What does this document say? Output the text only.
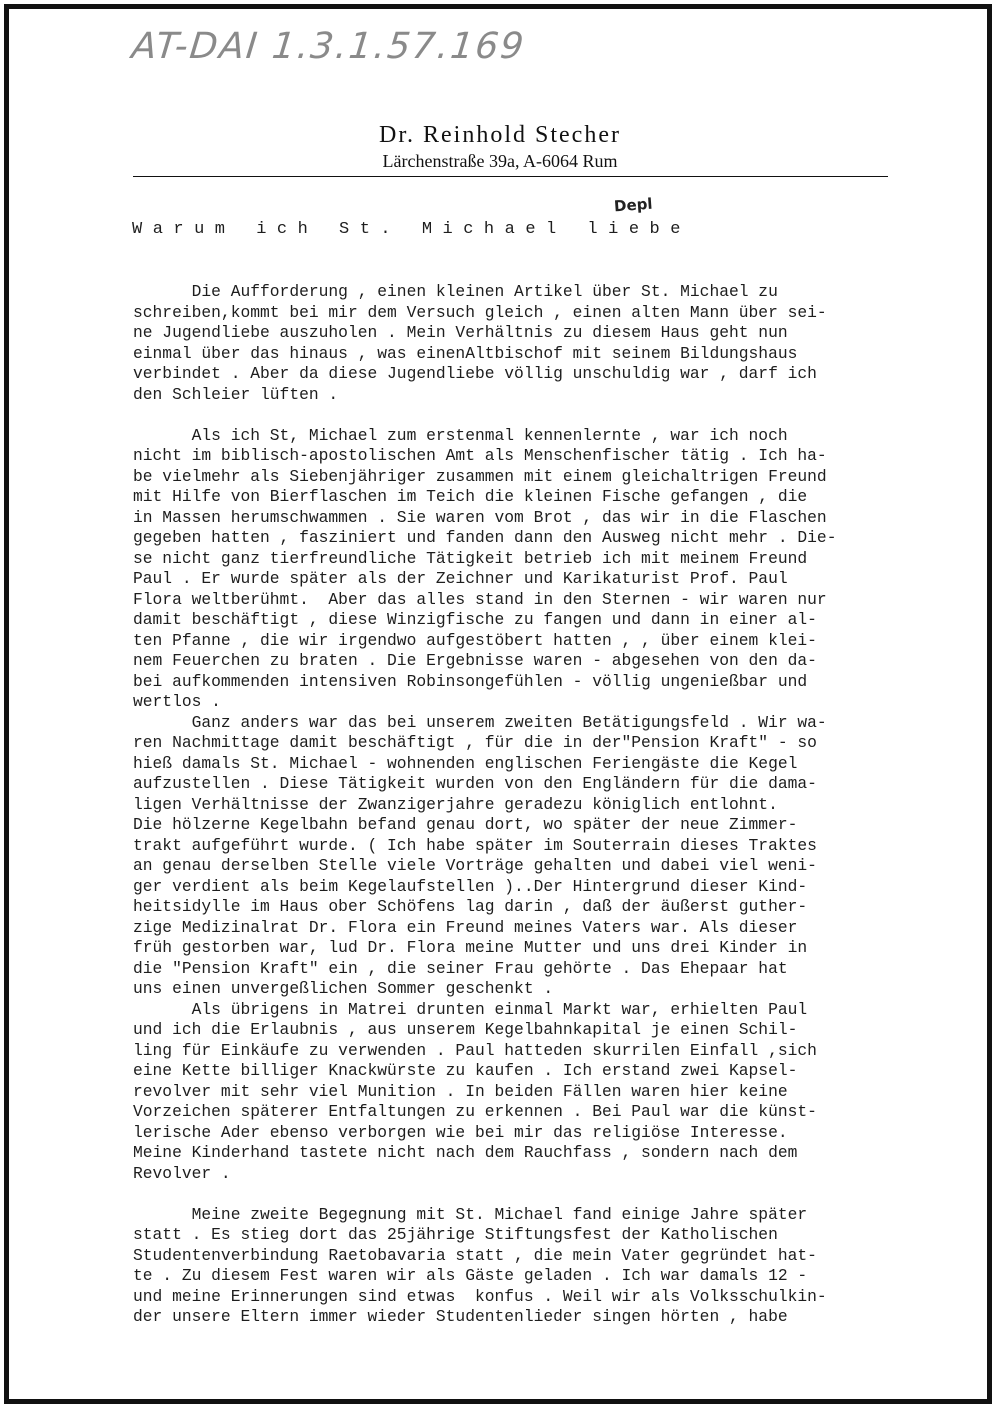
AT-DAI 1.3.1.57.169
Dr. Reinhold Stecher
Lärchenstraße 39a, A-6064 Rum
Depl
Warum ich St. Michael liebe
Die Aufforderung , einen kleinen Artikel über St. Michael zu
schreiben,kommt bei mir dem Versuch gleich , einen alten Mann über sei-
ne Jugendliebe auszuholen . Mein Verhältnis zu diesem Haus geht nun
einmal über das hinaus , was einenAltbischof mit seinem Bildungshaus
verbindet . Aber da diese Jugendliebe völlig unschuldig war , darf ich
den Schleier lüften .
Als ich St, Michael zum erstenmal kennenlernte , war ich noch
nicht im biblisch-apostolischen Amt als Menschenfischer tätig . Ich ha-
be vielmehr als Siebenjähriger zusammen mit einem gleichaltrigen Freund
mit Hilfe von Bierflaschen im Teich die kleinen Fische gefangen , die
in Massen herumschwammen . Sie waren vom Brot , das wir in die Flaschen
gegeben hatten , fasziniert und fanden dann den Ausweg nicht mehr . Die-
se nicht ganz tierfreundliche Tätigkeit betrieb ich mit meinem Freund
Paul . Er wurde später als der Zeichner und Karikaturist Prof. Paul
Flora weltberühmt.  Aber das alles stand in den Sternen - wir waren nur
damit beschäftigt , diese Winzigfische zu fangen und dann in einer al-
ten Pfanne , die wir irgendwo aufgestöbert hatten , , über einem klei-
nem Feuerchen zu braten . Die Ergebnisse waren - abgesehen von den da-
bei aufkommenden intensiven Robinsongefühlen - völlig ungenießbar und
wertlos .
Ganz anders war das bei unserem zweiten Betätigungsfeld . Wir wa-
ren Nachmittage damit beschäftigt , für die in der"Pension Kraft" - so
hieß damals St. Michael - wohnenden englischen Feriengäste die Kegel
aufzustellen . Diese Tätigkeit wurden von den Engländern für die dama-
ligen Verhältnisse der Zwanzigerjahre geradezu königlich entlohnt.
Die hölzerne Kegelbahn befand genau dort, wo später der neue Zimmer-
trakt aufgeführt wurde. ( Ich habe später im Souterrain dieses Traktes
an genau derselben Stelle viele Vorträge gehalten und dabei viel weni-
ger verdient als beim Kegelaufstellen )..Der Hintergrund dieser Kind-
heitsidylle im Haus ober Schöfens lag darin , daß der äußerst guther-
zige Medizinalrat Dr. Flora ein Freund meines Vaters war. Als dieser
früh gestorben war, lud Dr. Flora meine Mutter und uns drei Kinder in
die "Pension Kraft" ein , die seiner Frau gehörte . Das Ehepaar hat
uns einen unvergeßlichen Sommer geschenkt .
Als übrigens in Matrei drunten einmal Markt war, erhielten Paul
und ich die Erlaubnis , aus unserem Kegelbahnkapital je einen Schil-
ling für Einkäufe zu verwenden . Paul hatteden skurrilen Einfall ,sich
eine Kette billiger Knackwürste zu kaufen . Ich erstand zwei Kapsel-
revolver mit sehr viel Munition . In beiden Fällen waren hier keine
Vorzeichen späterer Entfaltungen zu erkennen . Bei Paul war die künst-
lerische Ader ebenso verborgen wie bei mir das religiöse Interesse.
Meine Kinderhand tastete nicht nach dem Rauchfass , sondern nach dem
Revolver .
Meine zweite Begegnung mit St. Michael fand einige Jahre später
statt . Es stieg dort das 25jährige Stiftungsfest der Katholischen
Studentenverbindung Raetobavaria statt , die mein Vater gegründet hat-
te . Zu diesem Fest waren wir als Gäste geladen . Ich war damals 12 -
und meine Erinnerungen sind etwas  konfus . Weil wir als Volksschulkin-
der unsere Eltern immer wieder Studentenlieder singen hörten , habe
